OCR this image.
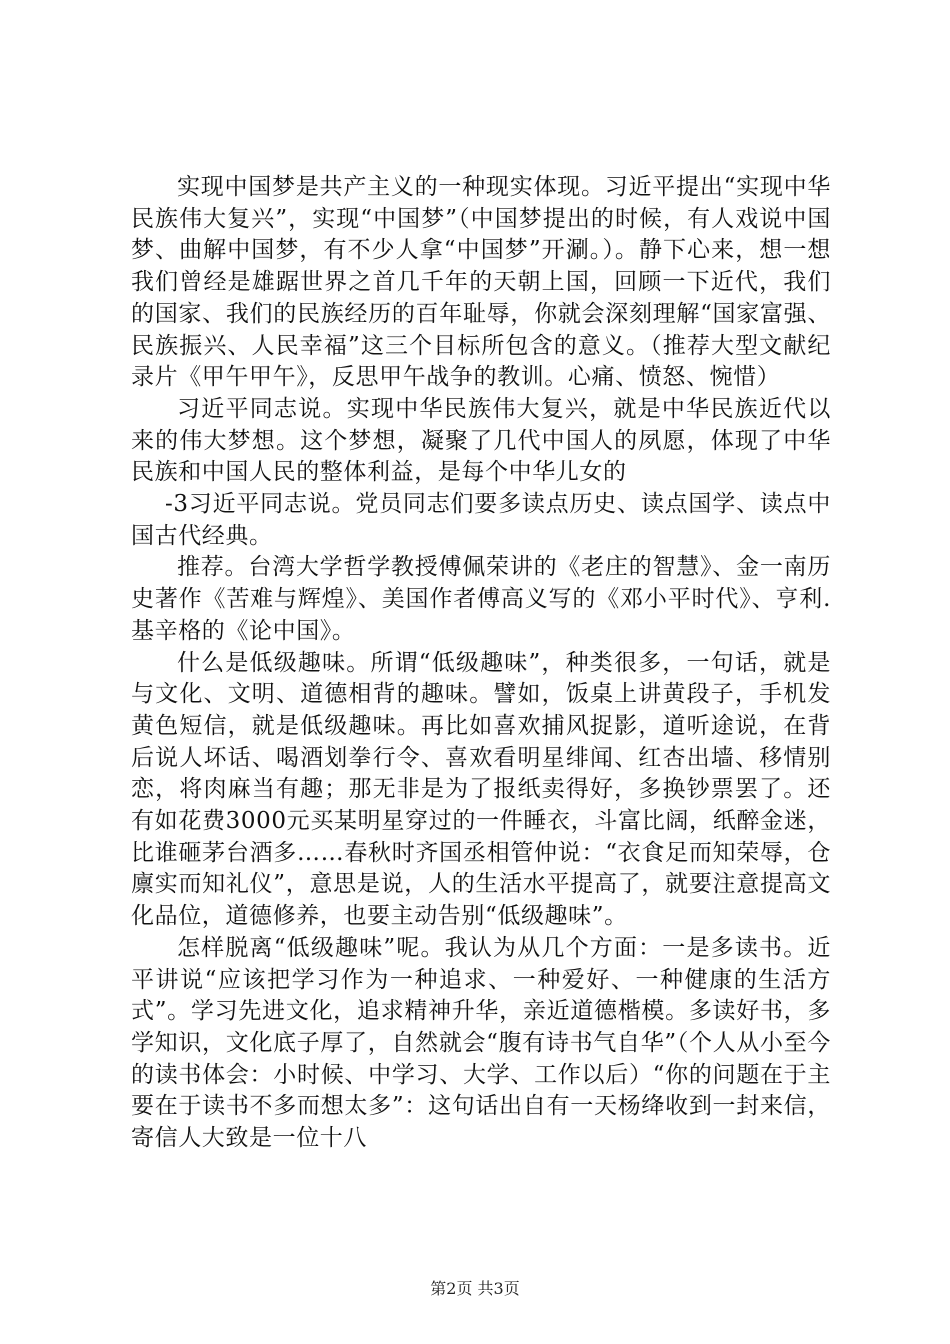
实现中国梦是共产主义的一种现实体现。习近平提出“实现中华民族伟大复兴”，实现“中国梦”（中国梦提出的时候，有人戏说中国梦、曲解中国梦，有不少人拿“中国梦”开涮。）。静下心来，想一想我们曾经是雄踞世界之首几千年的天朝上国，回顾一下近代，我们的国家、我们的民族经历的百年耻辱，你就会深刻理解“国家富强、民族振兴、人民幸福”这三个目标所包含的意义。（推荐大型文献纪录片《甲午甲午》，反思甲午战争的教训。心痛、愤怒、惋惜）

习近平同志说。实现中华民族伟大复兴，就是中华民族近代以来的伟大梦想。这个梦想，凝聚了几代中国人的夙愿，体现了中华民族和中国人民的整体利益，是每个中华儿女的

-3习近平同志说。党员同志们要多读点历史、读点国学、读点中国古代经典。

推荐。台湾大学哲学教授傅佩荣讲的《老庄的智慧》、金一南历史著作《苦难与辉煌》、美国作者傅高义写的《邓小平时代》、亨利.基辛格的《论中国》。

什么是低级趣味。所谓“低级趣味”，种类很多，一句话，就是与文化、文明、道德相背的趣味。譬如，饭桌上讲黄段子，手机发黄色短信，就是低级趣味。再比如喜欢捕风捉影，道听途说，在背后说人坏话、喝酒划拳行令、喜欢看明星绯闻、红杏出墙、移情别恋，将肉麻当有趣；那无非是为了报纸卖得好，多换钞票罢了。还有如花费3000元买某明星穿过的一件睡衣，斗富比阔，纸醉金迷，比谁砸茅台酒多……春秋时齐国丞相管仲说：“衣食足而知荣辱，仓廪实而知礼仪”，意思是说，人的生活水平提高了，就要注意提高文化品位，道德修养，也要主动告别“低级趣味”。

怎样脱离“低级趣味”呢。我认为从几个方面：一是多读书。近平讲说“应该把学习作为一种追求、一种爱好、一种健康的生活方式”。学习先进文化，追求精神升华，亲近道德楷模。多读好书，多学知识，文化底子厚了，自然就会“腹有诗书气自华”（个人从小至今的读书体会：小时候、中学习、大学、工作以后）“你的问题在于主要在于读书不多而想太多”：这句话出自有一天杨绛收到一封来信，寄信人大致是一位十八

第2页 共3页
